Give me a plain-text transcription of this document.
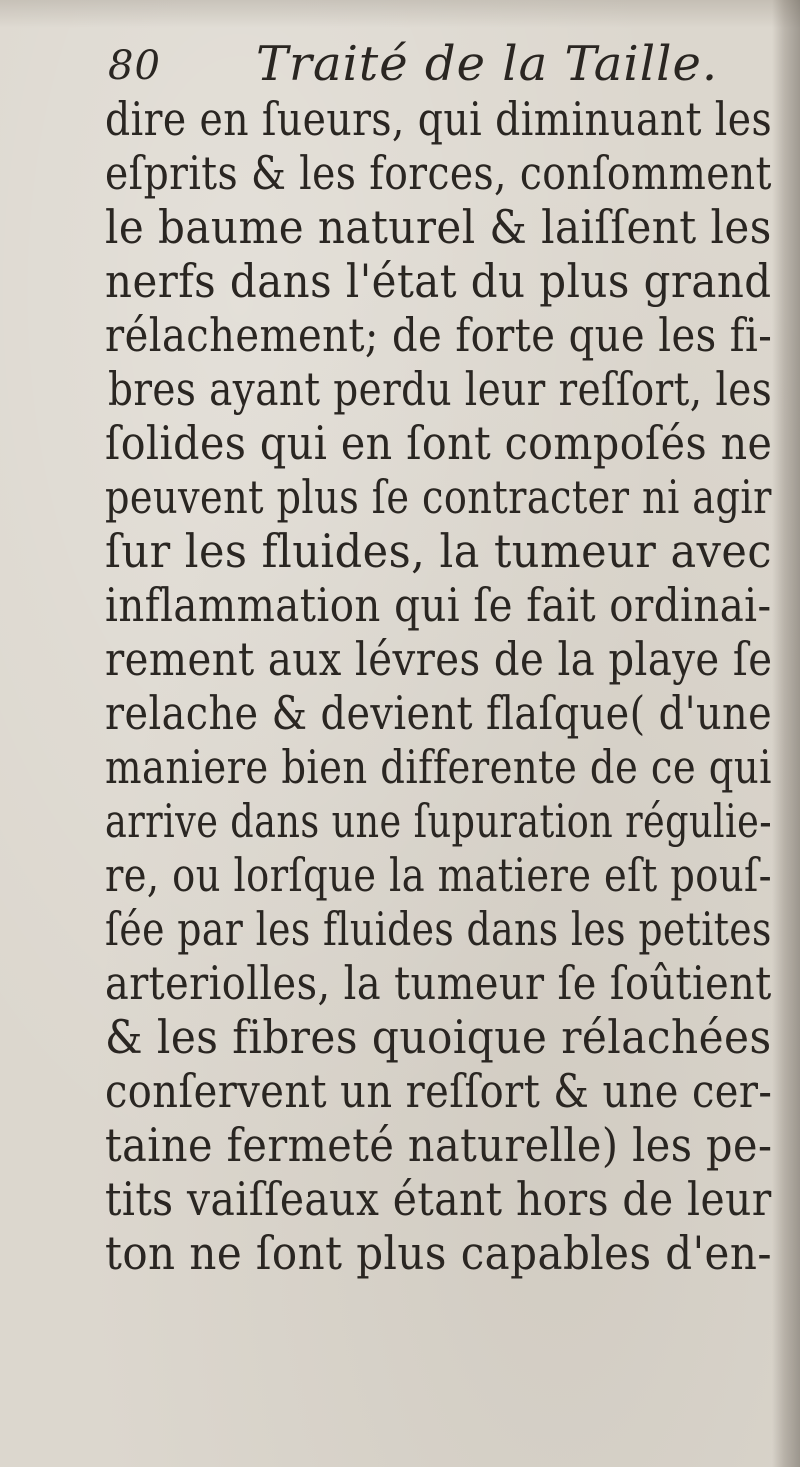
80 Traité de la Taille.
dire en ſueurs, qui diminuant les
eſprits & les forces, conſomment
le baume naturel & laiſſent les
nerfs dans l'état du plus grand
rélachement; de forte que les fi-
bres ayant perdu leur reſſort, les
ſolides qui en ſont compoſés ne
peuvent plus ſe contracter ni agir
ſur les fluides, la tumeur avec
inflammation qui ſe fait ordinai-
rement aux lévres de la playe ſe
relache & devient flaſque( d'une
maniere bien differente de ce qui
arrive dans une ſupuration régulie-
re, ou lorſque la matiere eſt pouſ-
ſée par les fluides dans les petites
arteriolles, la tumeur ſe ſoûtient
& les fibres quoique rélachées
conſervent un reſſort & une cer-
taine fermeté naturelle) les pe-
tits vaiſſeaux étant hors de leur
ton ne ſont plus capables d'en-
